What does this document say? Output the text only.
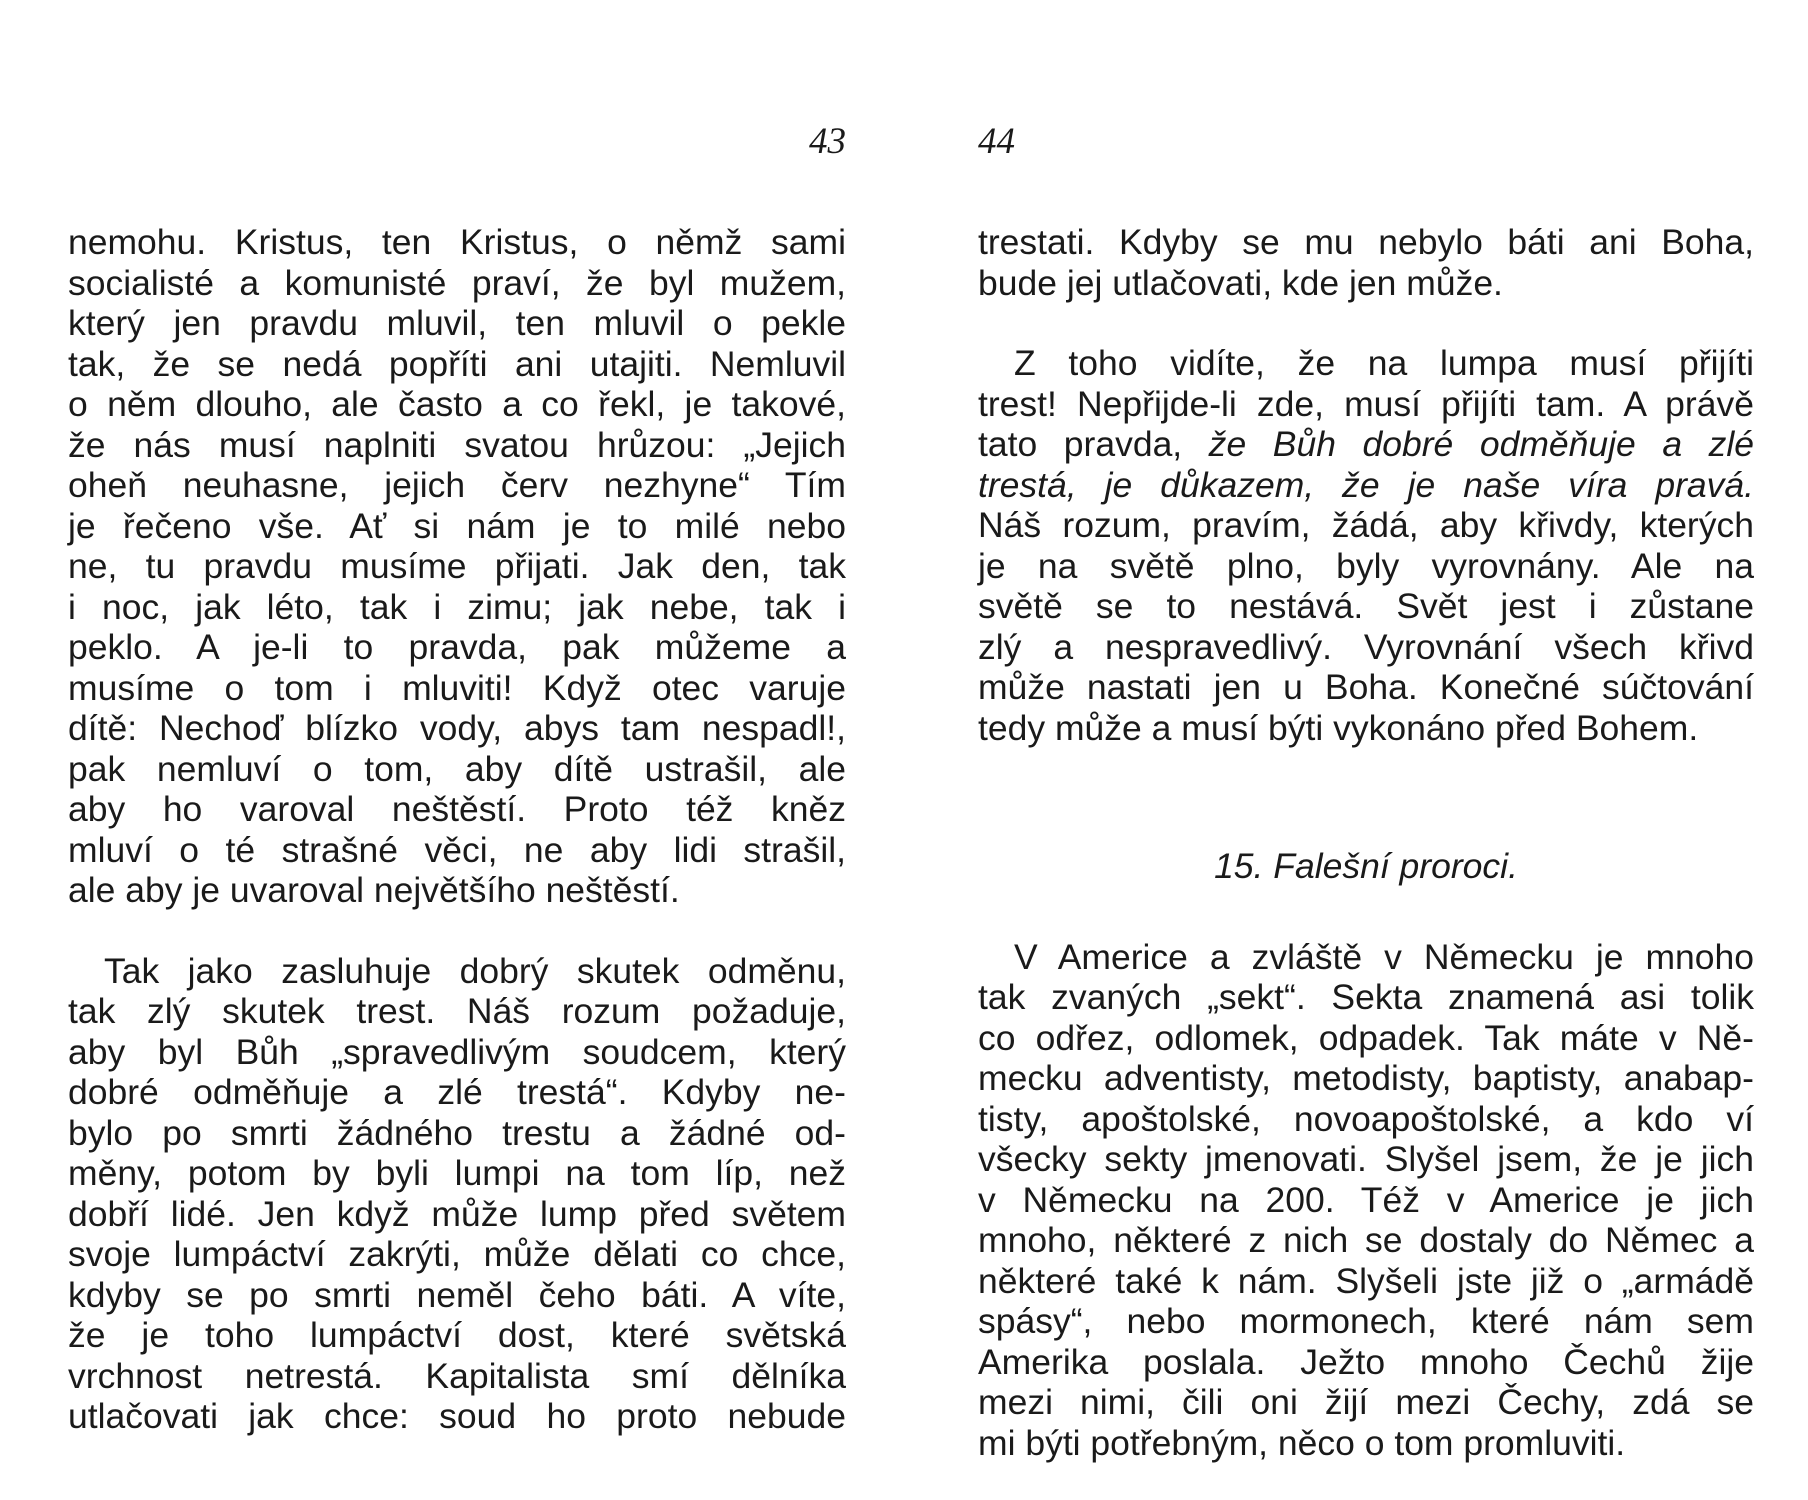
43
nemohu. Kristus, ten Kristus, o němž sami
socialisté a komunisté praví, že byl mužem,
který jen pravdu mluvil, ten mluvil o pekle
tak, že se nedá popříti ani utajiti. Nemluvil
o něm dlouho, ale často a co řekl, je takové,
že nás musí naplniti svatou hrůzou: „Jejich
oheň neuhasne, jejich červ nezhyne“ Tím
je řečeno vše. Ať si nám je to milé nebo
ne, tu pravdu musíme přijati. Jak den, tak
i noc, jak léto, tak i zimu; jak nebe, tak i
peklo. A je-li to pravda, pak můžeme a
musíme o tom i mluviti! Když otec varuje
dítě: Nechoď blízko vody, abys tam nespadl!,
pak nemluví o tom, aby dítě ustrašil, ale
aby ho varoval neštěstí. Proto též kněz
mluví o té strašné věci, ne aby lidi strašil,
ale aby je uvaroval největšího neštěstí.
Tak jako zasluhuje dobrý skutek odměnu,
tak zlý skutek trest. Náš rozum požaduje,
aby byl Bůh „spravedlivým soudcem, který
dobré odměňuje a zlé trestá“. Kdyby ne-
bylo po smrti žádného trestu a žádné od-
měny, potom by byli lumpi na tom líp, než
dobří lidé. Jen když může lump před světem
svoje lumpáctví zakrýti, může dělati co chce,
kdyby se po smrti neměl čeho báti. A víte,
že je toho lumpáctví dost, které světská
vrchnost netrestá. Kapitalista smí dělníka
utlačovati jak chce: soud ho proto nebude
44
trestati. Kdyby se mu nebylo báti ani Boha,
bude jej utlačovati, kde jen může.
Z toho vidíte, že na lumpa musí přijíti
trest! Nepřijde-li zde, musí přijíti tam. A právě
tato pravda, že Bůh dobré odměňuje a zlé
trestá, je důkazem, že je naše víra pravá.
Náš rozum, pravím, žádá, aby křivdy, kterých
je na světě plno, byly vyrovnány. Ale na
světě se to nestává. Svět jest i zůstane
zlý a nespravedlivý. Vyrovnání všech křivd
může nastati jen u Boha. Konečné súčtování
tedy může a musí býti vykonáno před Bohem.
15. Falešní proroci.
V Americe a zvláště v Německu je mnoho
tak zvaných „sekt“. Sekta znamená asi tolik
co odřez, odlomek, odpadek. Tak máte v Ně-
mecku adventisty, metodisty, baptisty, anabap-
tisty, apoštolské, novoapoštolské, a kdo ví
všecky sekty jmenovati. Slyšel jsem, že je jich
v Německu na 200. Též v Americe je jich
mnoho, některé z nich se dostaly do Němec a
některé také k nám. Slyšeli jste již o „armádě
spásy“, nebo mormonech, které nám sem
Amerika poslala. Ježto mnoho Čechů žije
mezi nimi, čili oni žijí mezi Čechy, zdá se
mi býti potřebným, něco o tom promluviti.
